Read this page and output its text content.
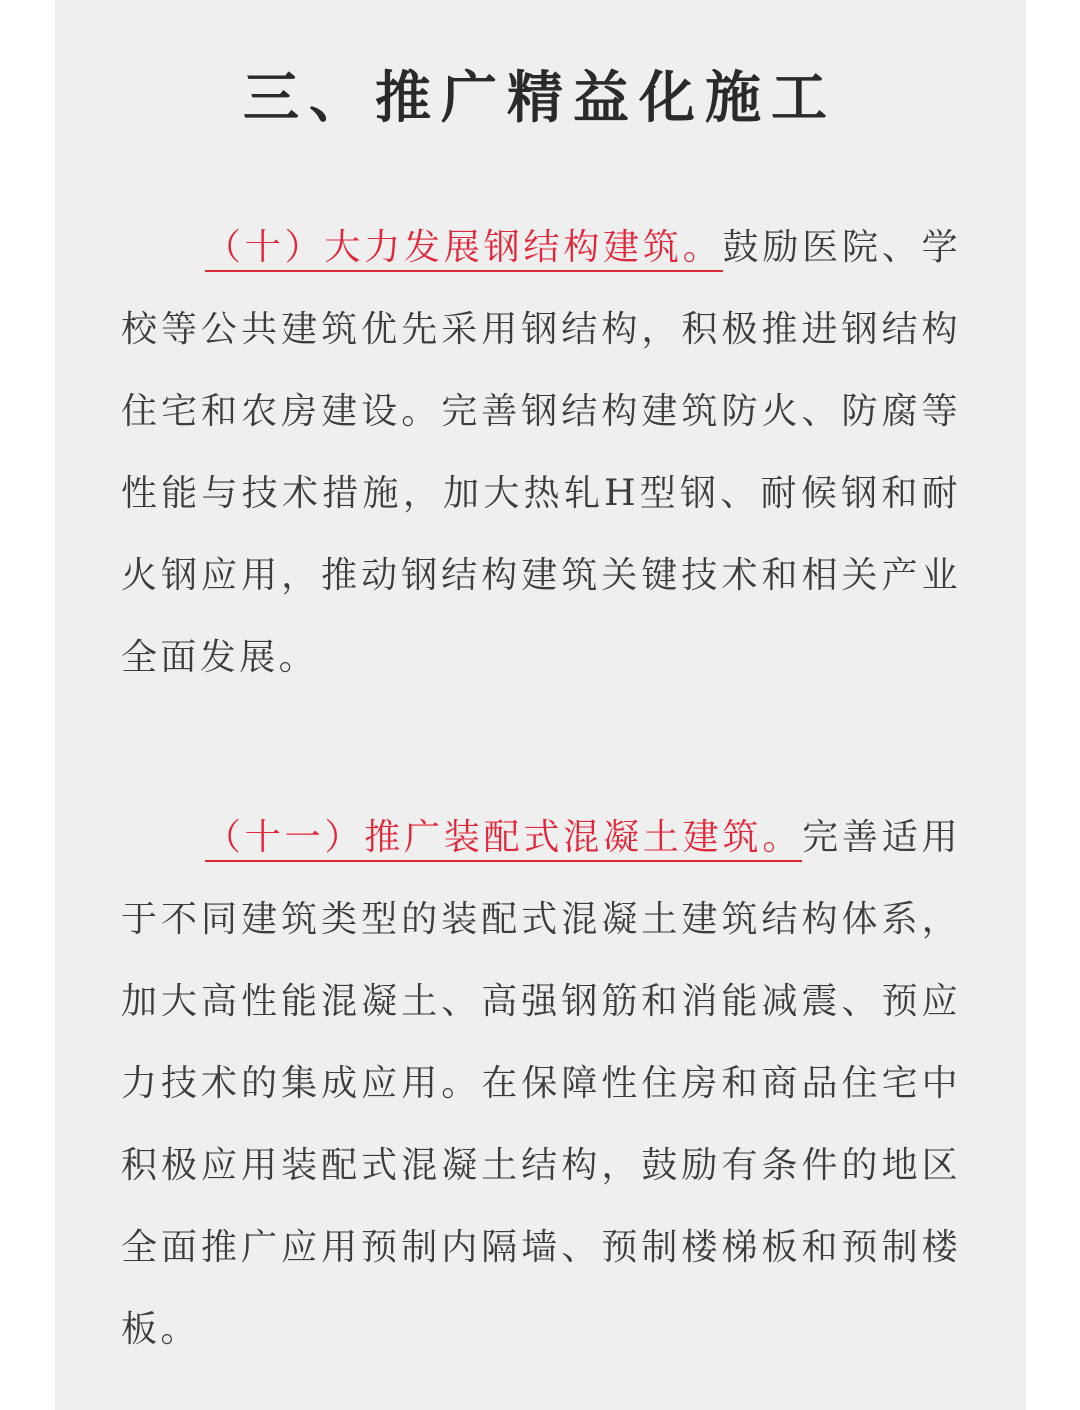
三、推广精益化施工

（十）大力发展钢结构建筑。鼓励医院、学校等公共建筑优先采用钢结构，积极推进钢结构住宅和农房建设。完善钢结构建筑防火、防腐等性能与技术措施，加大热轧H型钢、耐候钢和耐火钢应用，推动钢结构建筑关键技术和相关产业全面发展。

（十一）推广装配式混凝土建筑。完善适用于不同建筑类型的装配式混凝土建筑结构体系，加大高性能混凝土、高强钢筋和消能减震、预应力技术的集成应用。在保障性住房和商品住宅中积极应用装配式混凝土结构，鼓励有条件的地区全面推广应用预制内隔墙、预制楼梯板和预制楼板。
